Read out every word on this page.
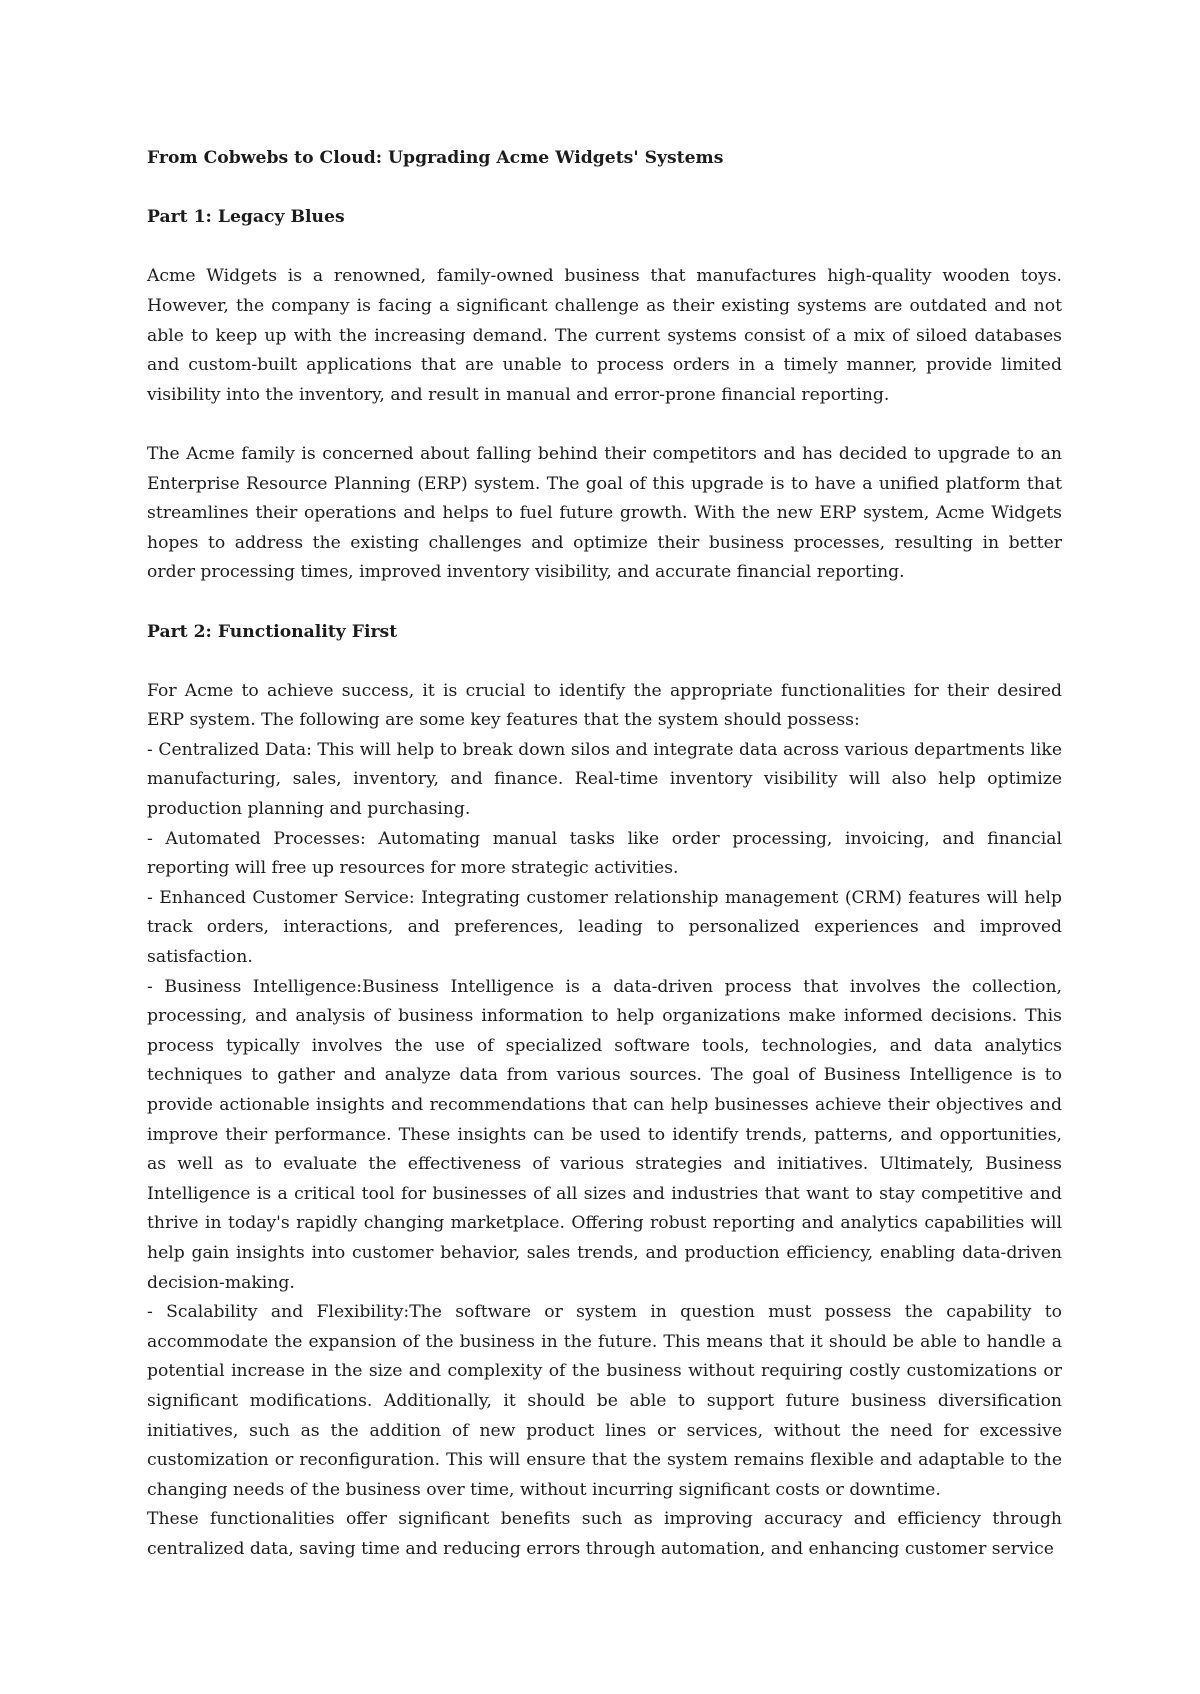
From Cobwebs to Cloud: Upgrading Acme Widgets' Systems

Part 1: Legacy Blues

Acme Widgets is a renowned, family-owned business that manufactures high-quality wooden toys. However, the company is facing a significant challenge as their existing systems are outdated and not able to keep up with the increasing demand. The current systems consist of a mix of siloed databases and custom-built applications that are unable to process orders in a timely manner, provide limited visibility into the inventory, and result in manual and error-prone financial reporting.

The Acme family is concerned about falling behind their competitors and has decided to upgrade to an Enterprise Resource Planning (ERP) system. The goal of this upgrade is to have a unified platform that streamlines their operations and helps to fuel future growth. With the new ERP system, Acme Widgets hopes to address the existing challenges and optimize their business processes, resulting in better order processing times, improved inventory visibility, and accurate financial reporting.

Part 2: Functionality First

For Acme to achieve success, it is crucial to identify the appropriate functionalities for their desired ERP system. The following are some key features that the system should possess:

- Centralized Data: This will help to break down silos and integrate data across various departments like manufacturing, sales, inventory, and finance. Real-time inventory visibility will also help optimize production planning and purchasing.

- Automated Processes: Automating manual tasks like order processing, invoicing, and financial reporting will free up resources for more strategic activities.

- Enhanced Customer Service: Integrating customer relationship management (CRM) features will help track orders, interactions, and preferences, leading to personalized experiences and improved satisfaction.

- Business Intelligence:Business Intelligence is a data-driven process that involves the collection, processing, and analysis of business information to help organizations make informed decisions. This process typically involves the use of specialized software tools, technologies, and data analytics techniques to gather and analyze data from various sources. The goal of Business Intelligence is to provide actionable insights and recommendations that can help businesses achieve their objectives and improve their performance. These insights can be used to identify trends, patterns, and opportunities, as well as to evaluate the effectiveness of various strategies and initiatives. Ultimately, Business Intelligence is a critical tool for businesses of all sizes and industries that want to stay competitive and thrive in today's rapidly changing marketplace. Offering robust reporting and analytics capabilities will help gain insights into customer behavior, sales trends, and production efficiency, enabling data-driven decision-making.

- Scalability and Flexibility:The software or system in question must possess the capability to accommodate the expansion of the business in the future. This means that it should be able to handle a potential increase in the size and complexity of the business without requiring costly customizations or significant modifications. Additionally, it should be able to support future business diversification initiatives, such as the addition of new product lines or services, without the need for excessive customization or reconfiguration. This will ensure that the system remains flexible and adaptable to the changing needs of the business over time, without incurring significant costs or downtime.

These functionalities offer significant benefits such as improving accuracy and efficiency through centralized data, saving time and reducing errors through automation, and enhancing customer service
